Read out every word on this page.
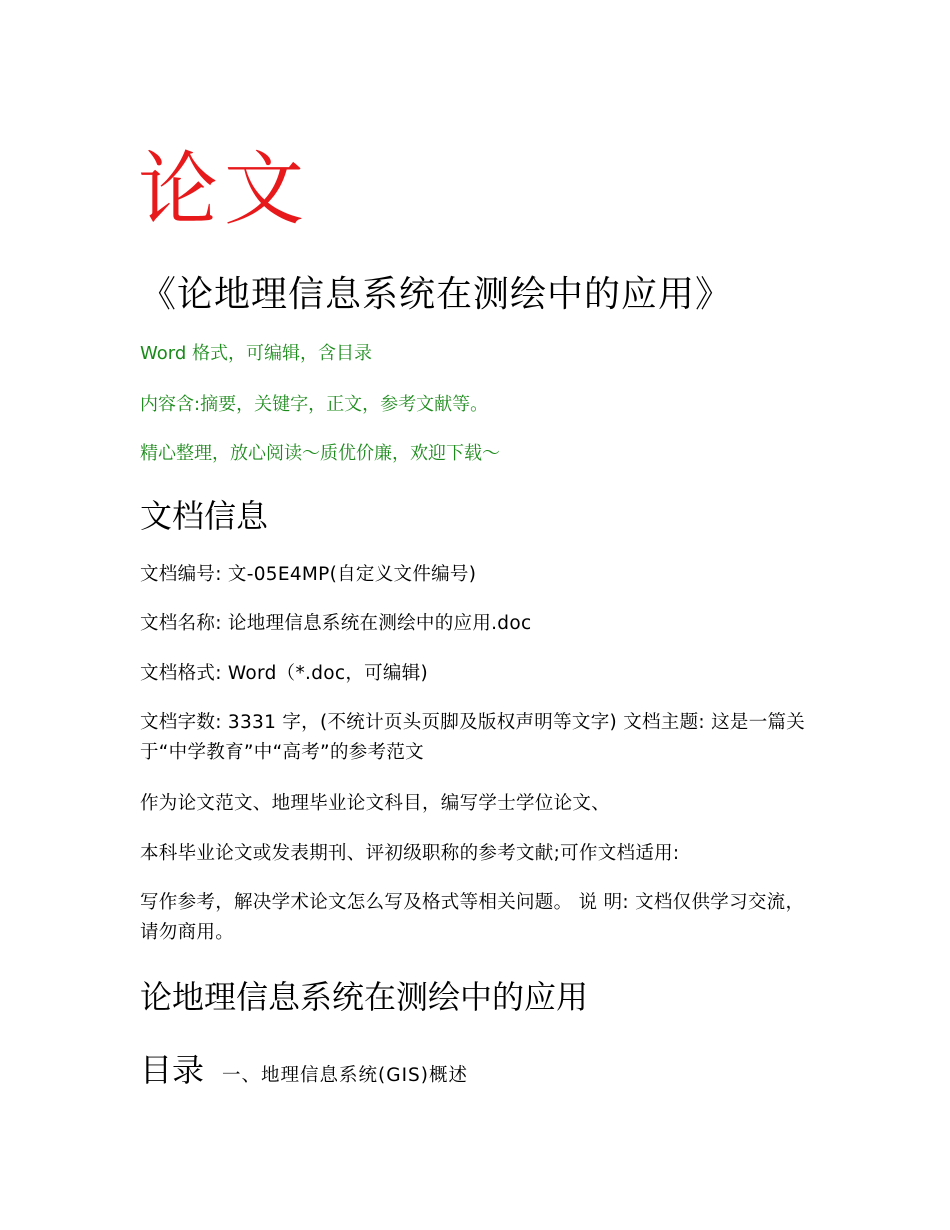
论文
《论地理信息系统在测绘中的应用》

Word 格式，可编辑，含目录

内容含:摘要，关键字，正文，参考文献等。

精心整理，放心阅读～质优价廉，欢迎下载～

文档信息

文档编号: 文-05E4MP(自定义文件编号)

文档名称: 论地理信息系统在测绘中的应用.doc

文档格式: Word（*.doc，可编辑)

文档字数: 3331 字，(不统计页头页脚及版权声明等文字) 文档主题: 这是一篇关于“中学教育”中“高考”的参考范文

作为论文范文、地理毕业论文科目，编写学士学位论文、

本科毕业论文或发表期刊、评初级职称的参考文献;可作文档适用:

写作参考，解决学术论文怎么写及格式等相关问题。 说 明: 文档仅供学习交流，请勿商用。

论地理信息系统在测绘中的应用
目录 一、地理信息系统(GIS)概述
